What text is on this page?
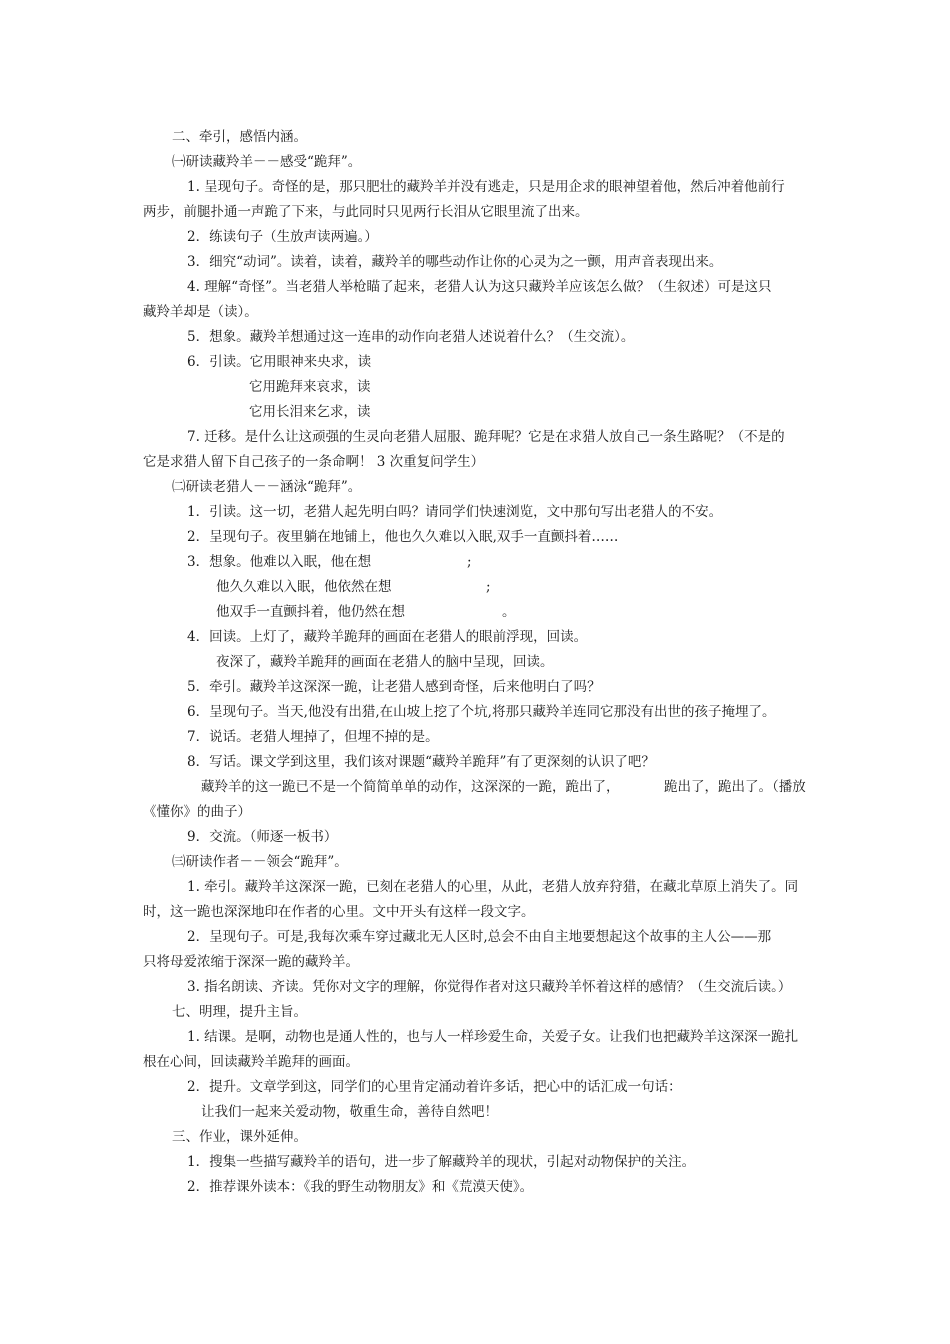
二、牵引，感悟内涵。
㈠研读藏羚羊－－感受“跪拜”。
1. 呈现句子。奇怪的是，那只肥壮的藏羚羊并没有逃走，只是用企求的眼神望着他，然后冲着他前行
两步，前腿扑通一声跪了下来，与此同时只见两行长泪从它眼里流了出来。
2．练读句子（生放声读两遍。）
3．细究“动词”。读着，读着，藏羚羊的哪些动作让你的心灵为之一颤，用声音表现出来。
4. 理解“奇怪”。当老猎人举枪瞄了起来，老猎人认为这只藏羚羊应该怎么做？（生叙述）可是这只
藏羚羊却是（读）。
5．想象。藏羚羊想通过这一连串的动作向老猎人述说着什么？（生交流）。
6．引读。它用眼神来央求，读
它用跪拜来哀求，读
它用长泪来乞求，读
7. 迁移。是什么让这顽强的生灵向老猎人屈服、跪拜呢？它是在求猎人放自己一条生路呢？（不是的
它是求猎人留下自己孩子的一条命啊！ 3 次重复问学生）
㈡研读老猎人－－涵泳“跪拜”。
1．引读。这一切，老猎人起先明白吗？请同学们快速浏览，文中那句写出老猎人的不安。
2．呈现句子。夜里躺在地铺上，他也久久难以入眠,双手一直颤抖着……
3．想象。他难以入眠，他在想	;
他久久难以入眠，他依然在想	;
他双手一直颤抖着，他仍然在想	。
4．回读。上灯了，藏羚羊跪拜的画面在老猎人的眼前浮现，回读。
夜深了，藏羚羊跪拜的画面在老猎人的脑中呈现，回读。
5．牵引。藏羚羊这深深一跪，让老猎人感到奇怪，后来他明白了吗？
6．呈现句子。当天,他没有出猎,在山坡上挖了个坑,将那只藏羚羊连同它那没有出世的孩子掩埋了。
7．说话。老猎人埋掉了，但埋不掉的是。
8．写话。课文学到这里，我们该对课题“藏羚羊跪拜”有了更深刻的认识了吧？
藏羚羊的这一跪已不是一个简简单单的动作，这深深的一跪，跪出了，	跪出了，跪出了。（播放
《懂你》的曲子）
9．交流。（师逐一板书）
㈢研读作者－－领会“跪拜”。
1. 牵引。藏羚羊这深深一跪，已刻在老猎人的心里，从此，老猎人放弃狩猎，在藏北草原上消失了。同
时，这一跪也深深地印在作者的心里。文中开头有这样一段文字。
2．呈现句子。可是,我每次乘车穿过藏北无人区时,总会不由自主地要想起这个故事的主人公——那
只将母爱浓缩于深深一跪的藏羚羊。
3. 指名朗读、齐读。凭你对文字的理解，你觉得作者对这只藏羚羊怀着这样的感情？（生交流后读。）
七、明理，提升主旨。
1. 结课。是啊，动物也是通人性的，也与人一样珍爱生命，关爱子女。让我们也把藏羚羊这深深一跪扎
根在心间，回读藏羚羊跪拜的画面。
2．提升。文章学到这，同学们的心里肯定涌动着许多话，把心中的话汇成一句话：
让我们一起来关爱动物，敬重生命，善待自然吧！
三、作业，课外延伸。
1．搜集一些描写藏羚羊的语句，进一步了解藏羚羊的现状，引起对动物保护的关注。
2．推荐课外读本：《我的野生动物朋友》和《荒漠天使》。
